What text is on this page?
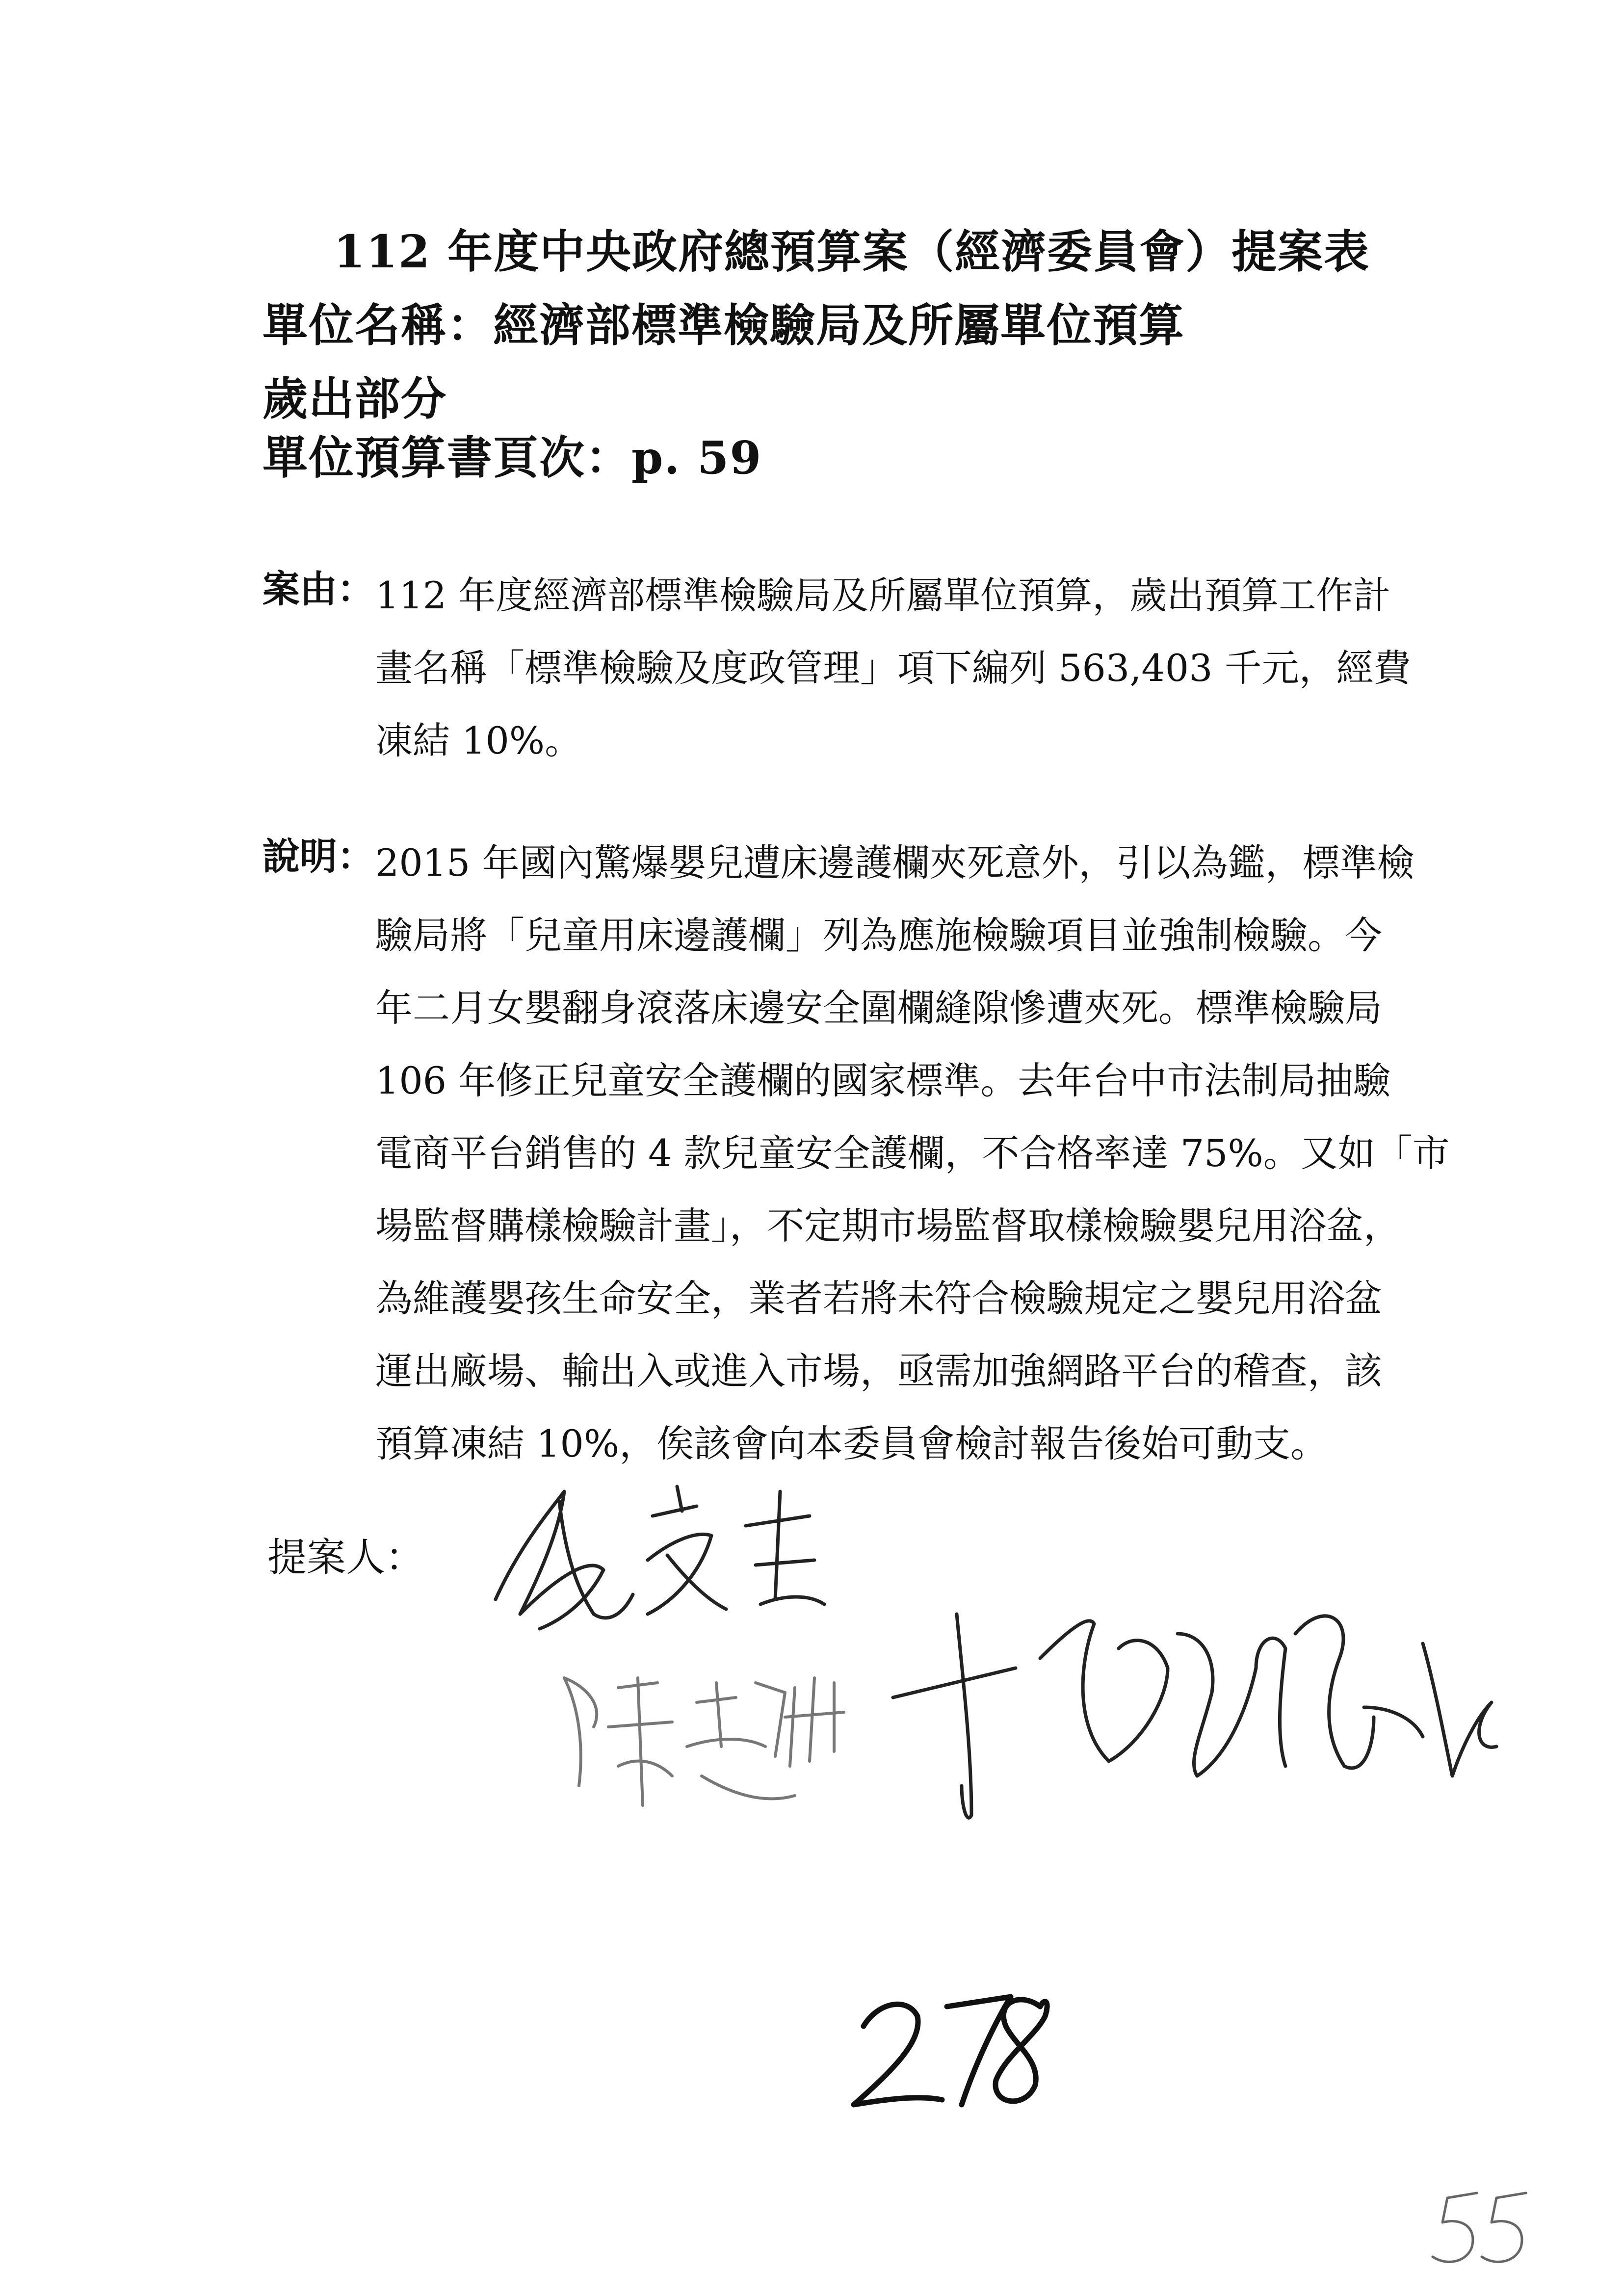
112 年度中央政府總預算案（經濟委員會）提案表
單位名稱：經濟部標準檢驗局及所屬單位預算
歲出部分
單位預算書頁次：p. 59
案由： 112 年度經濟部標準檢驗局及所屬單位預算，歲出預算工作計
畫名稱「標準檢驗及度政管理」項下編列 563,403 千元，經費
凍結 10%。
說明： 2015 年國內驚爆嬰兒遭床邊護欄夾死意外，引以為鑑，標準檢
驗局將「兒童用床邊護欄」列為應施檢驗項目並強制檢驗。今
年二月女嬰翻身滾落床邊安全圍欄縫隙慘遭夾死。標準檢驗局
106 年修正兒童安全護欄的國家標準。去年台中市法制局抽驗
電商平台銷售的 4 款兒童安全護欄，不合格率達 75%。又如「市
場監督購樣檢驗計畫」，不定期市場監督取樣檢驗嬰兒用浴盆，
為維護嬰孩生命安全，業者若將未符合檢驗規定之嬰兒用浴盆
運出廠場、輸出入或進入市場，亟需加強網路平台的稽查，該
預算凍結 10%，俟該會向本委員會檢討報告後始可動支。
提案人：
